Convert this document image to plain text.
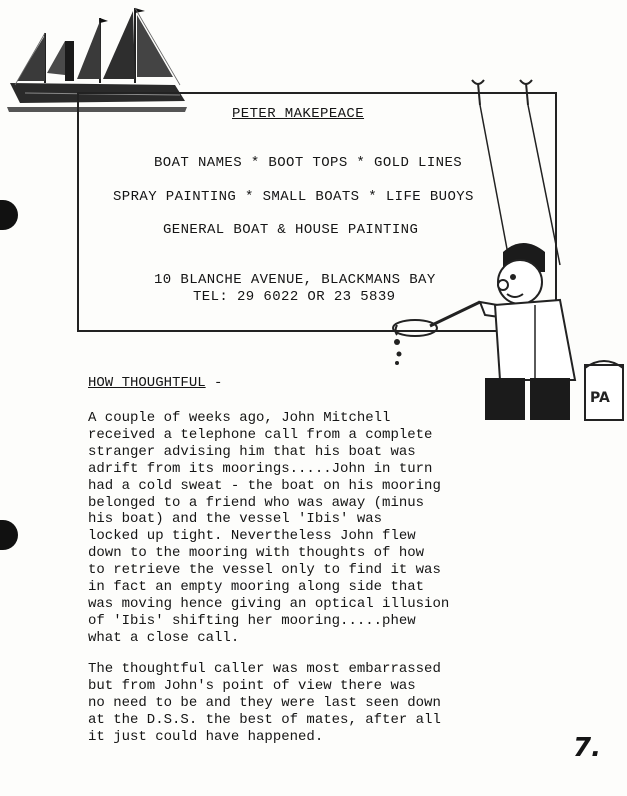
PETER MAKEPEACE
BOAT NAMES * BOOT TOPS * GOLD LINES
SPRAY PAINTING * SMALL BOATS * LIFE BUOYS
GENERAL BOAT & HOUSE PAINTING
10 BLANCHE AVENUE, BLACKMANS BAY
TEL: 29 6022 OR 23 5839
PA
HOW THOUGHTFUL -
A couple of weeks ago, John Mitchell
received a telephone call from a complete
stranger advising him that his boat was
adrift from its moorings.....John in turn
had a cold sweat - the boat on his mooring
belonged to a friend who was away (minus
his boat) and the vessel 'Ibis' was
locked up tight. Nevertheless John flew
down to the mooring with thoughts of how
to retrieve the vessel only to find it was
in fact an empty mooring along side that
was moving hence giving an optical illusion
of 'Ibis' shifting her mooring.....phew
what a close call.
The thoughtful caller was most embarrassed
but from John's point of view there was
no need to be and they were last seen down
at the D.S.S. the best of mates, after all
it just could have happened.	7.
